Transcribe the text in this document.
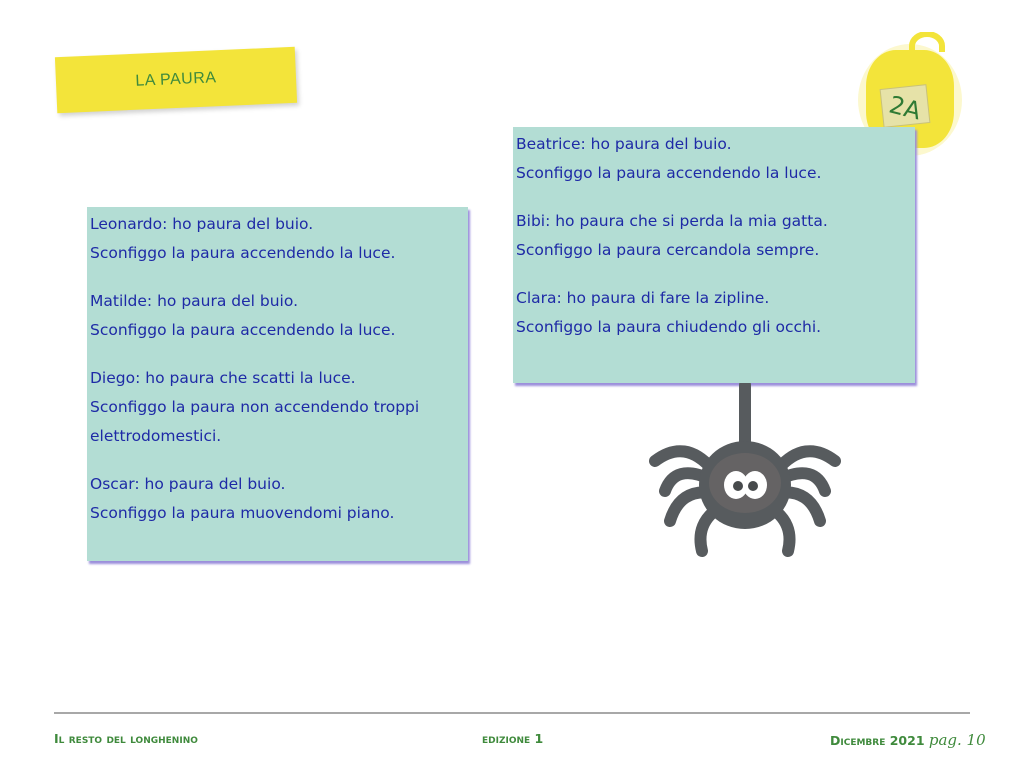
LA PAURA
2A

Leonardo: ho paura del buio.

Sconfiggo la paura accendendo la luce.

Matilde: ho paura del buio.

Sconfiggo la paura accendendo la luce.

Diego: ho paura che scatti la luce.

Sconfiggo la paura non accendendo troppi

elettrodomestici.

Oscar: ho paura del buio.

Sconfiggo la paura muovendomi piano.

Beatrice: ho paura del buio.

Sconfiggo la paura accendendo la luce.

Bibi: ho paura che si perda la mia gatta.

Sconfiggo la paura cercandola sempre.

Clara: ho paura di fare la zipline.

Sconfiggo la paura chiudendo gli occhi.

Il resto del longhenino	edizione 1	Dicembre 2021 pag. 10
